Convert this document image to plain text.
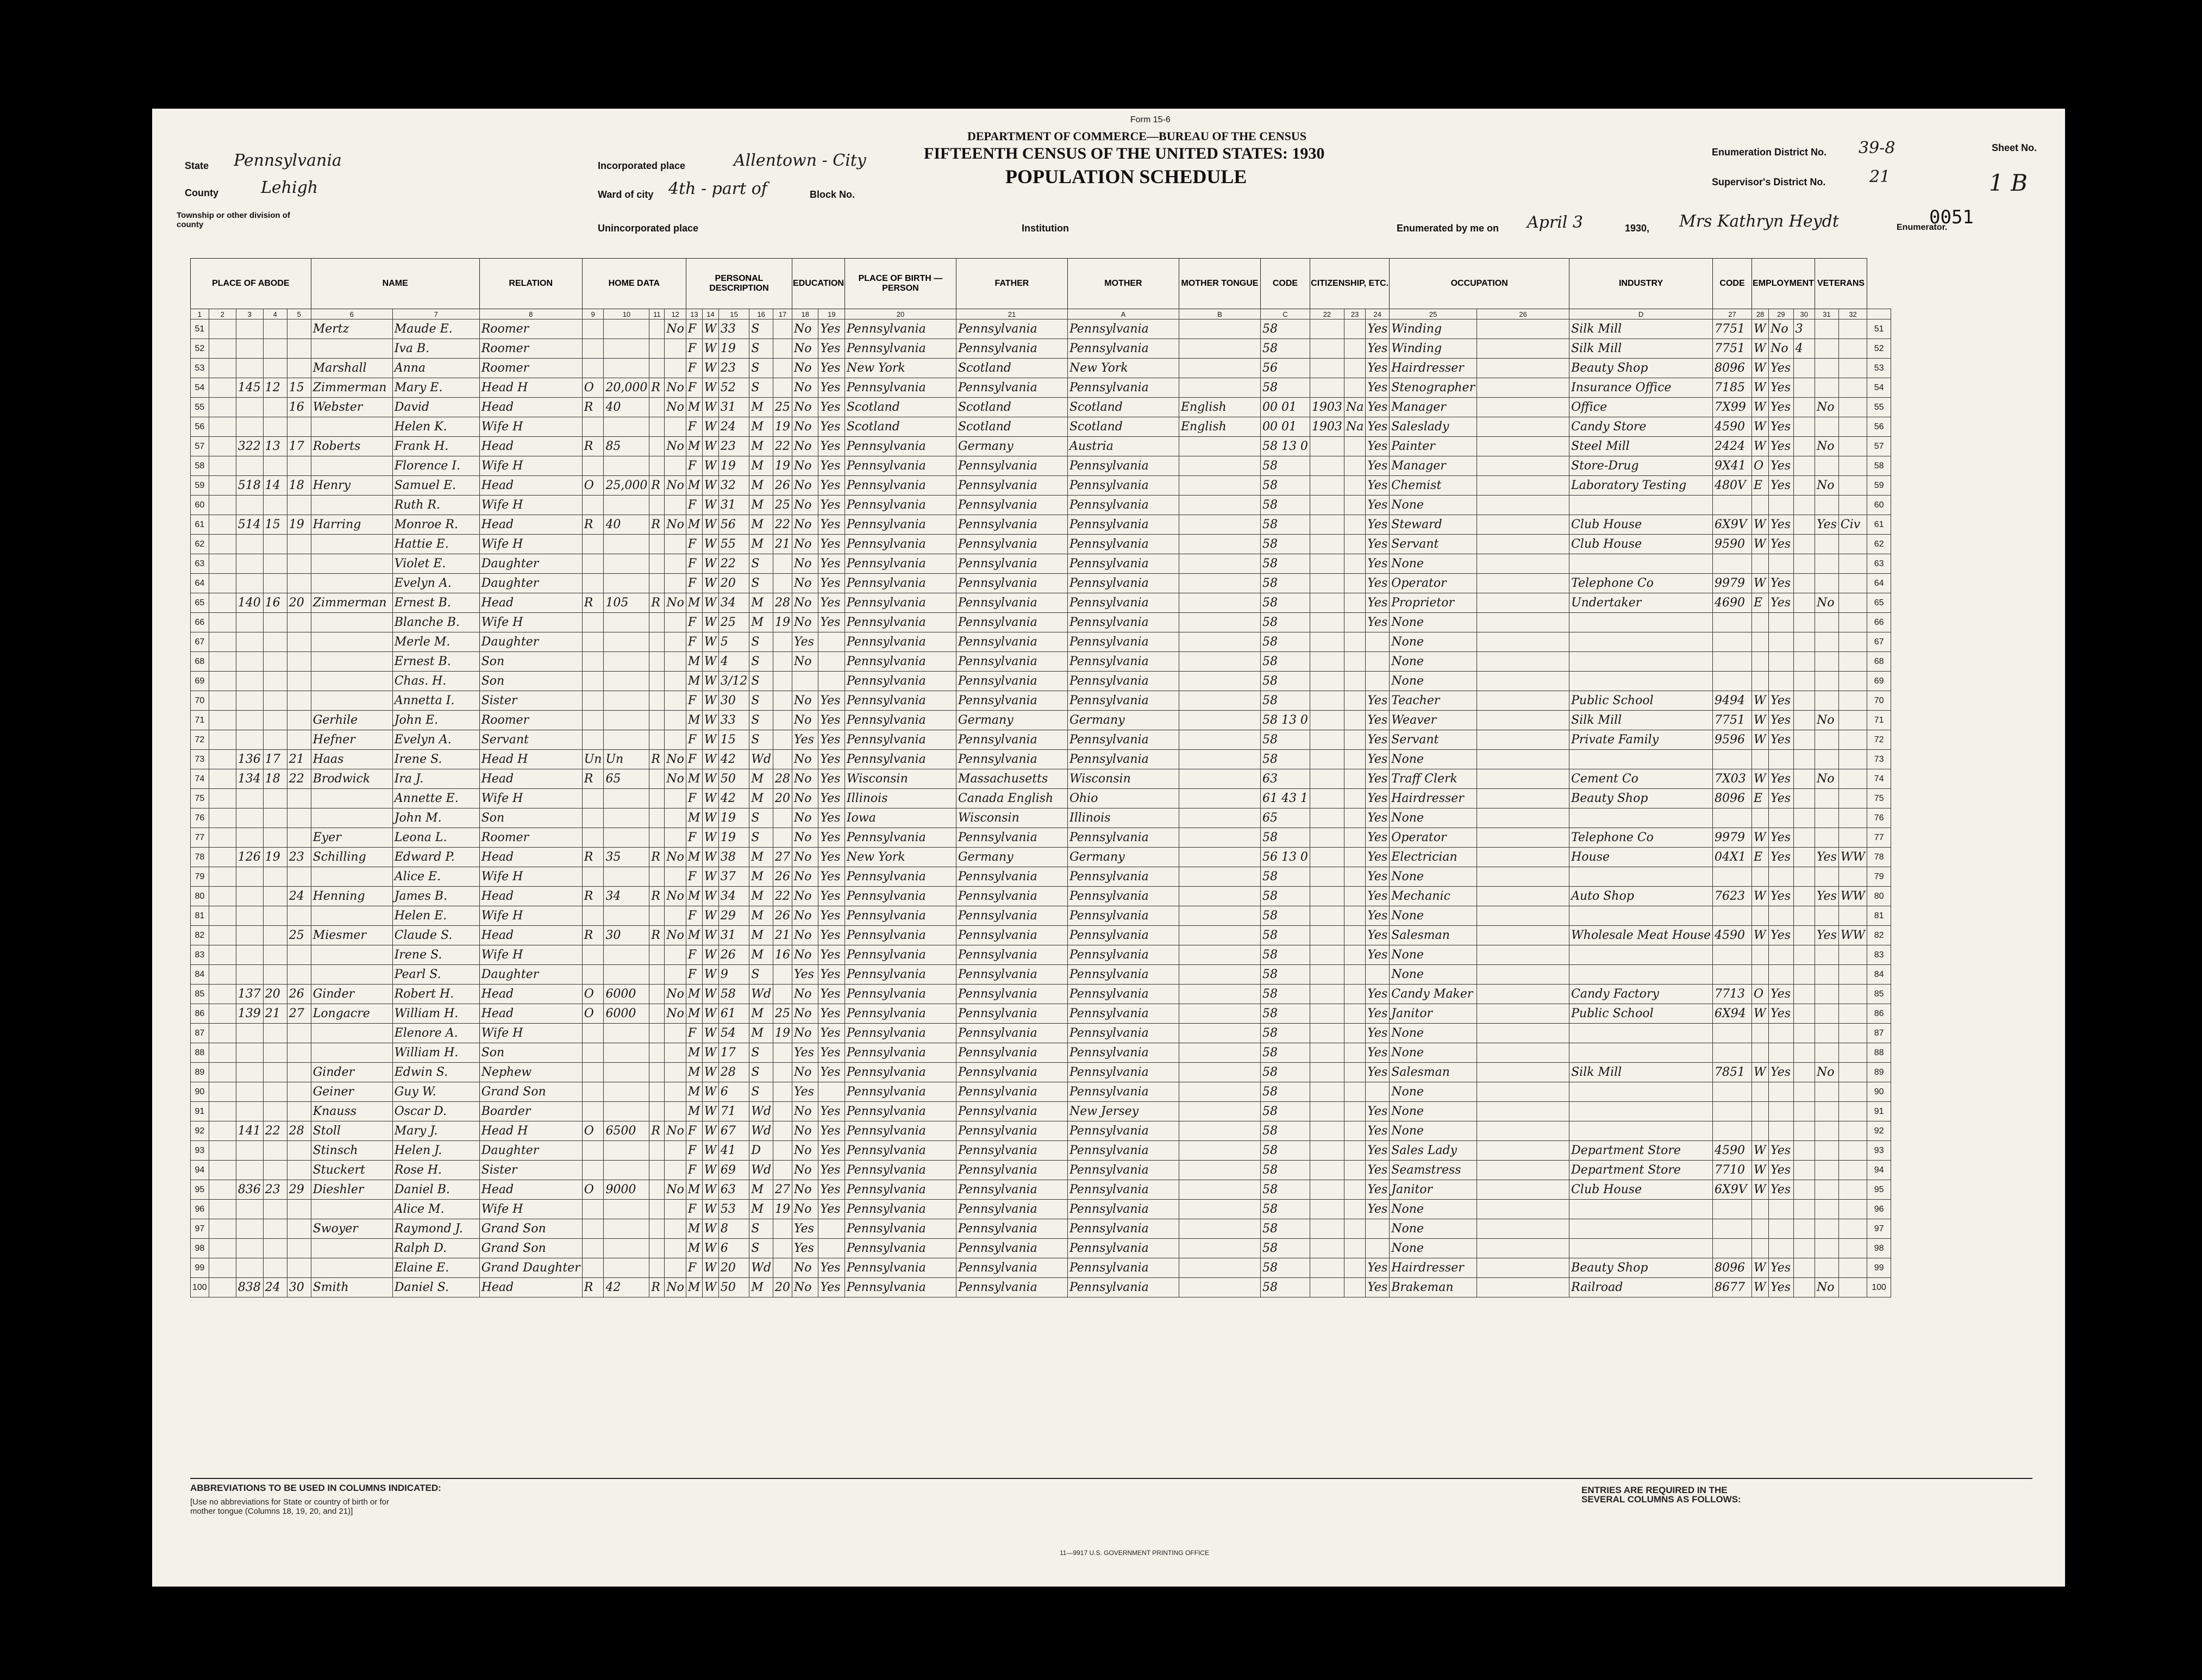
Form 15-6
DEPARTMENT OF COMMERCE—BUREAU OF THE CENSUS
FIFTEENTH CENSUS OF THE UNITED STATES: 1930
POPULATION SCHEDULE
State Pennsylvania
County	Lehigh
Township or other division of county
Incorporated place	Allentown - City
Ward of city 4th - part of	Block No.
Unincorporated place	Institution
Enumeration District No. 39-8
Supervisor's District No.	21
Sheet No.
1 B
Enumerated by me on April 3	1930, Mrs Kathryn Heydt	Enumerator.
0051
PLACE OF ABODE					NAME		RELATION	HOME DATA				PERSONAL DESCRIPTION					EDUCATION		PLACE OF BIRTH — PERSON	FATHER	MOTHER	MOTHER TONGUE	CODE	CITIZENSHIP, ETC.			OCCUPATION		INDUSTRY	CODE	EMPLOYMENT			VETERANS		
1	2	3	4	5	6	7	8	9	10	11	12	13	14	15	16	17	18	19	20	21	A	B	C	22	23	24	25	26	D	27	28	29	30	31	32	
51					Mertz	Maude E.	Roomer				No	F	W	33	S		No	Yes	Pennsylvania	Pennsylvania	Pennsylvania		58			Yes	Winding		Silk Mill	7751	W	No	3			51
52						Iva B.	Roomer					F	W	19	S		No	Yes	Pennsylvania	Pennsylvania	Pennsylvania		58			Yes	Winding		Silk Mill	7751	W	No	4			52
53					Marshall	Anna	Roomer					F	W	23	S		No	Yes	New York	Scotland	New York		56			Yes	Hairdresser		Beauty Shop	8096	W	Yes				53
54		145	12	15	Zimmerman	Mary E.	Head H	O	20,000	R	No	F	W	52	S		No	Yes	Pennsylvania	Pennsylvania	Pennsylvania		58			Yes	Stenographer		Insurance Office	7185	W	Yes				54
55				16	Webster	David	Head	R	40		No	M	W	31	M	25	No	Yes	Scotland	Scotland	Scotland	English	00 01	1903	Na	Yes	Manager		Office	7X99	W	Yes		No		55
56						Helen K.	Wife H					F	W	24	M	19	No	Yes	Scotland	Scotland	Scotland	English	00 01	1903	Na	Yes	Saleslady		Candy Store	4590	W	Yes				56
57		322	13	17	Roberts	Frank H.	Head	R	85		No	M	W	23	M	22	No	Yes	Pennsylvania	Germany	Austria		58 13 0			Yes	Painter		Steel Mill	2424	W	Yes		No		57
58						Florence I.	Wife H					F	W	19	M	19	No	Yes	Pennsylvania	Pennsylvania	Pennsylvania		58			Yes	Manager		Store-Drug	9X41	O	Yes				58
59		518	14	18	Henry	Samuel E.	Head	O	25,000	R	No	M	W	32	M	26	No	Yes	Pennsylvania	Pennsylvania	Pennsylvania		58			Yes	Chemist		Laboratory Testing	480V	E	Yes		No		59
60						Ruth R.	Wife H					F	W	31	M	25	No	Yes	Pennsylvania	Pennsylvania	Pennsylvania		58			Yes	None									60
61		514	15	19	Harring	Monroe R.	Head	R	40	R	No	M	W	56	M	22	No	Yes	Pennsylvania	Pennsylvania	Pennsylvania		58			Yes	Steward		Club House	6X9V	W	Yes		Yes	Civ	61
62						Hattie E.	Wife H					F	W	55	M	21	No	Yes	Pennsylvania	Pennsylvania	Pennsylvania		58			Yes	Servant		Club House	9590	W	Yes				62
63						Violet E.	Daughter					F	W	22	S		No	Yes	Pennsylvania	Pennsylvania	Pennsylvania		58			Yes	None									63
64						Evelyn A.	Daughter					F	W	20	S		No	Yes	Pennsylvania	Pennsylvania	Pennsylvania		58			Yes	Operator		Telephone Co	9979	W	Yes				64
65		140	16	20	Zimmerman	Ernest B.	Head	R	105	R	No	M	W	34	M	28	No	Yes	Pennsylvania	Pennsylvania	Pennsylvania		58			Yes	Proprietor		Undertaker	4690	E	Yes		No		65
66						Blanche B.	Wife H					F	W	25	M	19	No	Yes	Pennsylvania	Pennsylvania	Pennsylvania		58			Yes	None									66
67						Merle M.	Daughter					F	W	5	S		Yes		Pennsylvania	Pennsylvania	Pennsylvania		58				None									67
68						Ernest B.	Son					M	W	4	S		No		Pennsylvania	Pennsylvania	Pennsylvania		58				None									68
69						Chas. H.	Son					M	W	3/12	S				Pennsylvania	Pennsylvania	Pennsylvania		58				None									69
70						Annetta I.	Sister					F	W	30	S		No	Yes	Pennsylvania	Pennsylvania	Pennsylvania		58			Yes	Teacher		Public School	9494	W	Yes				70
71					Gerhile	John E.	Roomer					M	W	33	S		No	Yes	Pennsylvania	Germany	Germany		58 13 0			Yes	Weaver		Silk Mill	7751	W	Yes		No		71
72					Hefner	Evelyn A.	Servant					F	W	15	S		Yes	Yes	Pennsylvania	Pennsylvania	Pennsylvania		58			Yes	Servant		Private Family	9596	W	Yes				72
73		136	17	21	Haas	Irene S.	Head H	Un	Un	R	No	F	W	42	Wd		No	Yes	Pennsylvania	Pennsylvania	Pennsylvania		58			Yes	None									73
74		134	18	22	Brodwick	Ira J.	Head	R	65		No	M	W	50	M	28	No	Yes	Wisconsin	Massachusetts	Wisconsin		63			Yes	Traff Clerk		Cement Co	7X03	W	Yes		No		74
75						Annette E.	Wife H					F	W	42	M	20	No	Yes	Illinois	Canada English	Ohio		61 43 1			Yes	Hairdresser		Beauty Shop	8096	E	Yes				75
76						John M.	Son					M	W	19	S		No	Yes	Iowa	Wisconsin	Illinois		65			Yes	None									76
77					Eyer	Leona L.	Roomer					F	W	19	S		No	Yes	Pennsylvania	Pennsylvania	Pennsylvania		58			Yes	Operator		Telephone Co	9979	W	Yes				77
78		126	19	23	Schilling	Edward P.	Head	R	35	R	No	M	W	38	M	27	No	Yes	New York	Germany	Germany		56 13 0			Yes	Electrician		House	04X1	E	Yes		Yes	WW	78
79						Alice E.	Wife H					F	W	37	M	26	No	Yes	Pennsylvania	Pennsylvania	Pennsylvania		58			Yes	None									79
80				24	Henning	James B.	Head	R	34	R	No	M	W	34	M	22	No	Yes	Pennsylvania	Pennsylvania	Pennsylvania		58			Yes	Mechanic		Auto Shop	7623	W	Yes		Yes	WW	80
81						Helen E.	Wife H					F	W	29	M	26	No	Yes	Pennsylvania	Pennsylvania	Pennsylvania		58			Yes	None									81
82				25	Miesmer	Claude S.	Head	R	30	R	No	M	W	31	M	21	No	Yes	Pennsylvania	Pennsylvania	Pennsylvania		58			Yes	Salesman		Wholesale Meat House	4590	W	Yes		Yes	WW	82
83						Irene S.	Wife H					F	W	26	M	16	No	Yes	Pennsylvania	Pennsylvania	Pennsylvania		58			Yes	None									83
84						Pearl S.	Daughter					F	W	9	S		Yes	Yes	Pennsylvania	Pennsylvania	Pennsylvania		58				None									84
85		137	20	26	Ginder	Robert H.	Head	O	6000		No	M	W	58	Wd		No	Yes	Pennsylvania	Pennsylvania	Pennsylvania		58			Yes	Candy Maker		Candy Factory	7713	O	Yes				85
86		139	21	27	Longacre	William H.	Head	O	6000		No	M	W	61	M	25	No	Yes	Pennsylvania	Pennsylvania	Pennsylvania		58			Yes	Janitor		Public School	6X94	W	Yes				86
87						Elenore A.	Wife H					F	W	54	M	19	No	Yes	Pennsylvania	Pennsylvania	Pennsylvania		58			Yes	None									87
88						William H.	Son					M	W	17	S		Yes	Yes	Pennsylvania	Pennsylvania	Pennsylvania		58			Yes	None									88
89					Ginder	Edwin S.	Nephew					M	W	28	S		No	Yes	Pennsylvania	Pennsylvania	Pennsylvania		58			Yes	Salesman		Silk Mill	7851	W	Yes		No		89
90					Geiner	Guy W.	Grand Son					M	W	6	S		Yes		Pennsylvania	Pennsylvania	Pennsylvania		58				None									90
91					Knauss	Oscar D.	Boarder					M	W	71	Wd		No	Yes	Pennsylvania	Pennsylvania	New Jersey		58			Yes	None									91
92		141	22	28	Stoll	Mary J.	Head H	O	6500	R	No	F	W	67	Wd		No	Yes	Pennsylvania	Pennsylvania	Pennsylvania		58			Yes	None									92
93					Stinsch	Helen J.	Daughter					F	W	41	D		No	Yes	Pennsylvania	Pennsylvania	Pennsylvania		58			Yes	Sales Lady		Department Store	4590	W	Yes				93
94					Stuckert	Rose H.	Sister					F	W	69	Wd		No	Yes	Pennsylvania	Pennsylvania	Pennsylvania		58			Yes	Seamstress		Department Store	7710	W	Yes				94
95		836	23	29	Dieshler	Daniel B.	Head	O	9000		No	M	W	63	M	27	No	Yes	Pennsylvania	Pennsylvania	Pennsylvania		58			Yes	Janitor		Club House	6X9V	W	Yes				95
96						Alice M.	Wife H					F	W	53	M	19	No	Yes	Pennsylvania	Pennsylvania	Pennsylvania		58			Yes	None									96
97					Swoyer	Raymond J.	Grand Son					M	W	8	S		Yes		Pennsylvania	Pennsylvania	Pennsylvania		58				None									97
98						Ralph D.	Grand Son					M	W	6	S		Yes		Pennsylvania	Pennsylvania	Pennsylvania		58				None									98
99						Elaine E.	Grand Daughter					F	W	20	Wd		No	Yes	Pennsylvania	Pennsylvania	Pennsylvania		58			Yes	Hairdresser		Beauty Shop	8096	W	Yes				99
100		838	24	30	Smith	Daniel S.	Head	R	42	R	No	M	W	50	M	20	No	Yes	Pennsylvania	Pennsylvania	Pennsylvania		58			Yes	Brakeman		Railroad	8677	W	Yes		No		100
ABBREVIATIONS TO BE USED IN COLUMNS INDICATED:
[Use no abbreviations for State or country of birth or for mother tongue (Columns 18, 19, 20, and 21)]
ENTRIES ARE REQUIRED IN THE SEVERAL COLUMNS AS FOLLOWS:
11—9917 U.S. GOVERNMENT PRINTING OFFICE
